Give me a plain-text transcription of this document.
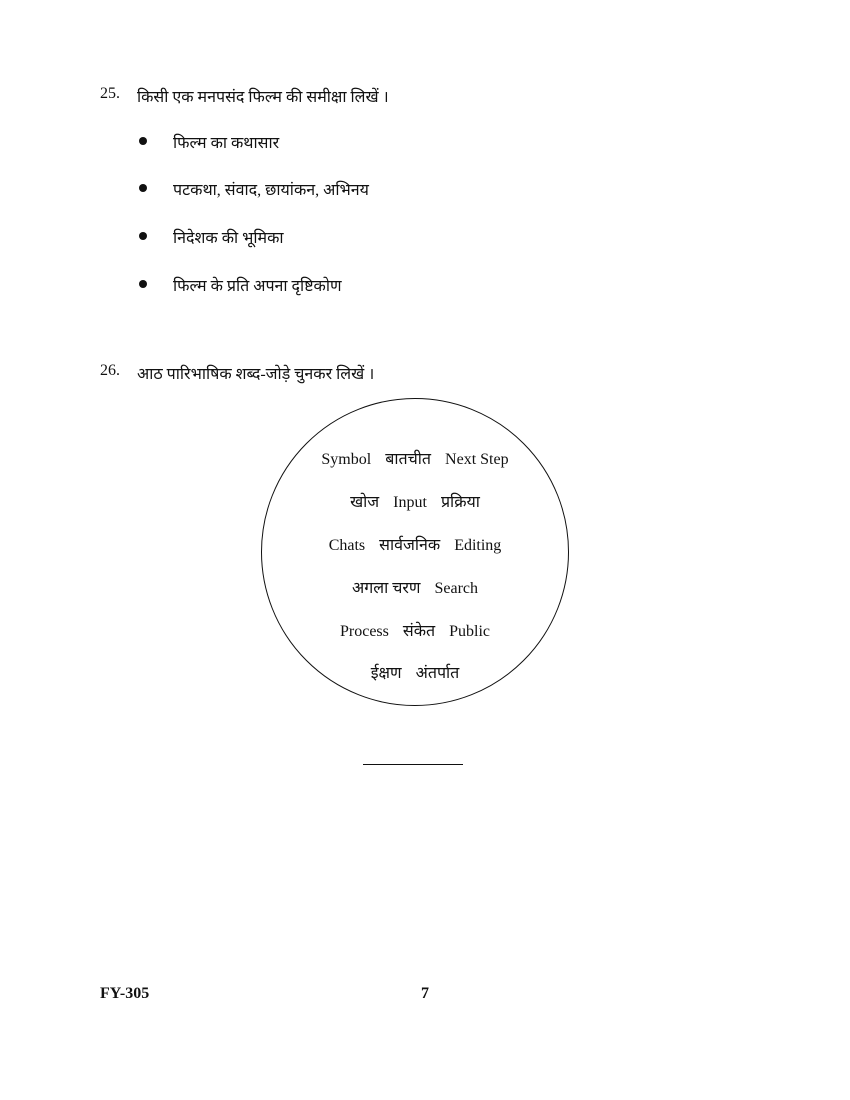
25. किसी एक मनपसंद फिल्म की समीक्षा लिखें ।
फिल्म का कथासार
पटकथा, संवाद, छायांकन, अभिनय
निदेशक की भूमिका
फिल्म के प्रति अपना दृष्टिकोण
26. आठ पारिभाषिक शब्द-जोड़े चुनकर लिखें ।
Symbol बातचीत Next Step
खोज Input प्रक्रिया
Chats सार्वजनिक Editing
अगला चरण Search
Process संकेत Public
ईक्षण अंतर्पात
FY-305	7
